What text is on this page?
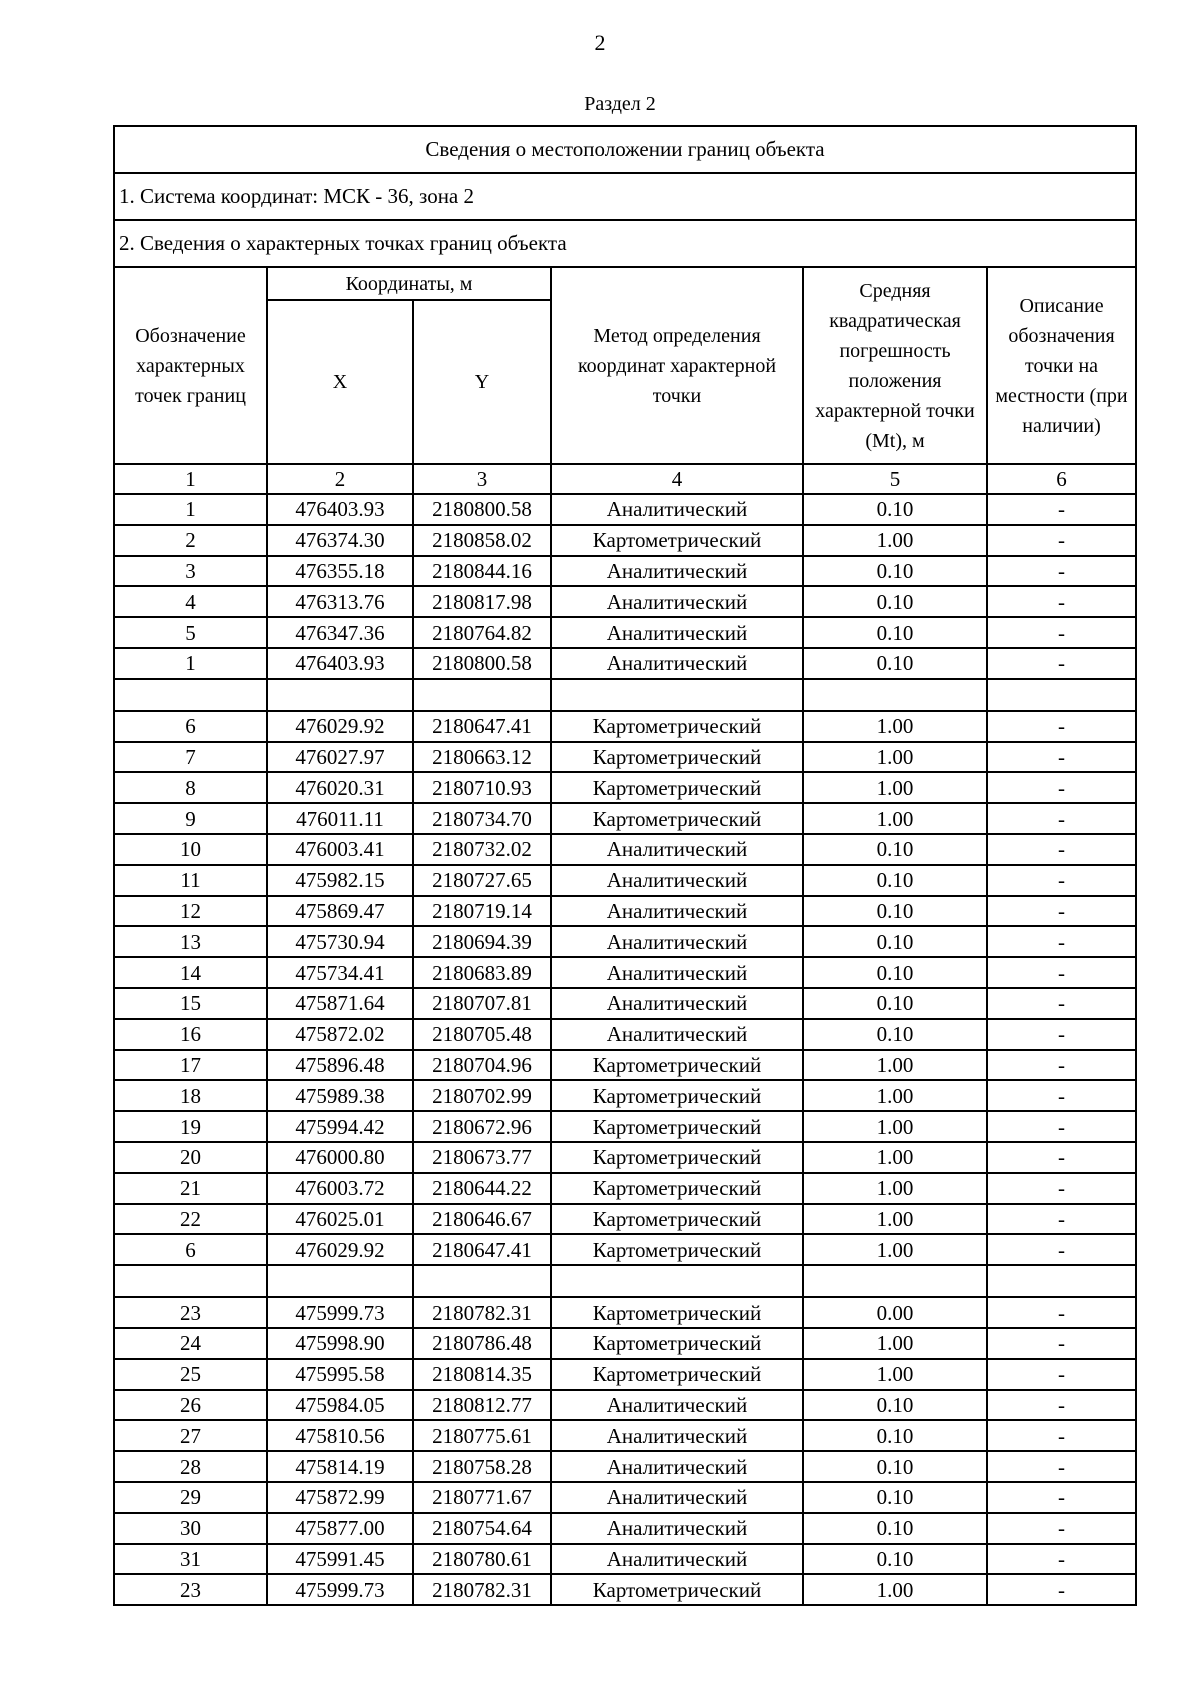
2
Раздел 2
Сведения о местоположении границ объекта					
1. Система координат: МСК - 36, зона 2					
2. Сведения о характерных точках границ объекта					
Обозначение характерных точек границ	Координаты, м		Метод определения координат характерной точки	Средняя квадратическая погрешность положения характерной точки (Mt), м	Описание обозначения точки на местности (при наличии)
	X	Y			
1	2	3	4	5	6
1	476403.93	2180800.58	Аналитический	0.10	-
2	476374.30	2180858.02	Картометрический	1.00	-
3	476355.18	2180844.16	Аналитический	0.10	-
4	476313.76	2180817.98	Аналитический	0.10	-
5	476347.36	2180764.82	Аналитический	0.10	-
1	476403.93	2180800.58	Аналитический	0.10	-

6	476029.92	2180647.41	Картометрический	1.00	-
7	476027.97	2180663.12	Картометрический	1.00	-
8	476020.31	2180710.93	Картометрический	1.00	-
9	476011.11	2180734.70	Картометрический	1.00	-
10	476003.41	2180732.02	Аналитический	0.10	-
11	475982.15	2180727.65	Аналитический	0.10	-
12	475869.47	2180719.14	Аналитический	0.10	-
13	475730.94	2180694.39	Аналитический	0.10	-
14	475734.41	2180683.89	Аналитический	0.10	-
15	475871.64	2180707.81	Аналитический	0.10	-
16	475872.02	2180705.48	Аналитический	0.10	-
17	475896.48	2180704.96	Картометрический	1.00	-
18	475989.38	2180702.99	Картометрический	1.00	-
19	475994.42	2180672.96	Картометрический	1.00	-
20	476000.80	2180673.77	Картометрический	1.00	-
21	476003.72	2180644.22	Картометрический	1.00	-
22	476025.01	2180646.67	Картометрический	1.00	-
6	476029.92	2180647.41	Картометрический	1.00	-

23	475999.73	2180782.31	Картометрический	0.00	-
24	475998.90	2180786.48	Картометрический	1.00	-
25	475995.58	2180814.35	Картометрический	1.00	-
26	475984.05	2180812.77	Аналитический	0.10	-
27	475810.56	2180775.61	Аналитический	0.10	-
28	475814.19	2180758.28	Аналитический	0.10	-
29	475872.99	2180771.67	Аналитический	0.10	-
30	475877.00	2180754.64	Аналитический	0.10	-
31	475991.45	2180780.61	Аналитический	0.10	-
23	475999.73	2180782.31	Картометрический	1.00	-
